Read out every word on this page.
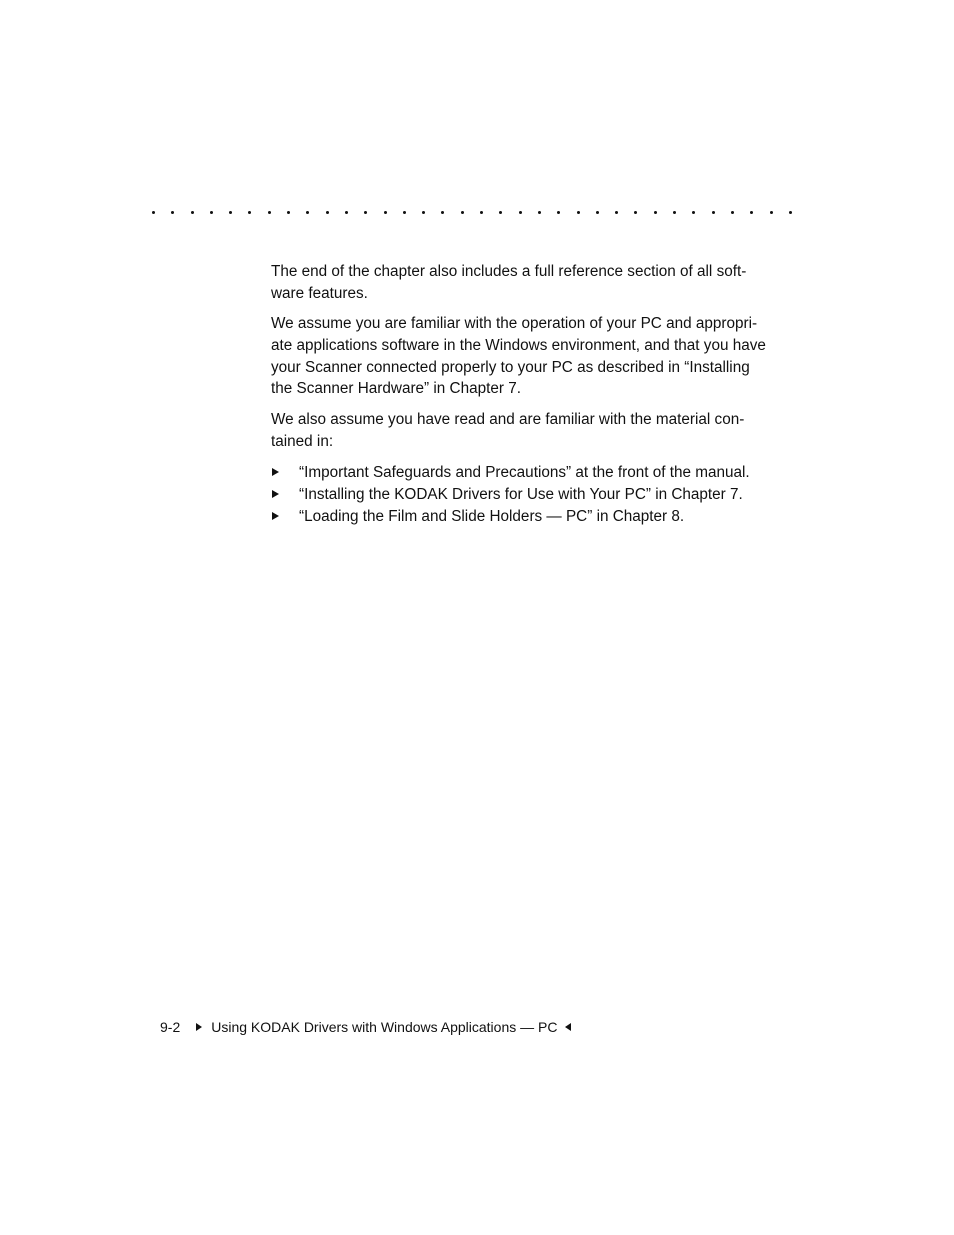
The end of the chapter also includes a full reference section of all soft-
ware features.

We assume you are familiar with the operation of your PC and appropri-
ate applications software in the Windows environment, and that you have
your Scanner connected properly to your PC as described in “Installing
the Scanner Hardware” in Chapter 7.

We also assume you have read and are familiar with the material con-
tained in:

“Important Safeguards and Precautions” at the front of the manual.
“Installing the KODAK Drivers for Use with Your PC” in Chapter 7.
“Loading the Film and Slide Holders — PC” in Chapter 8.
9-2 Using KODAK Drivers with Windows Applications — PC
